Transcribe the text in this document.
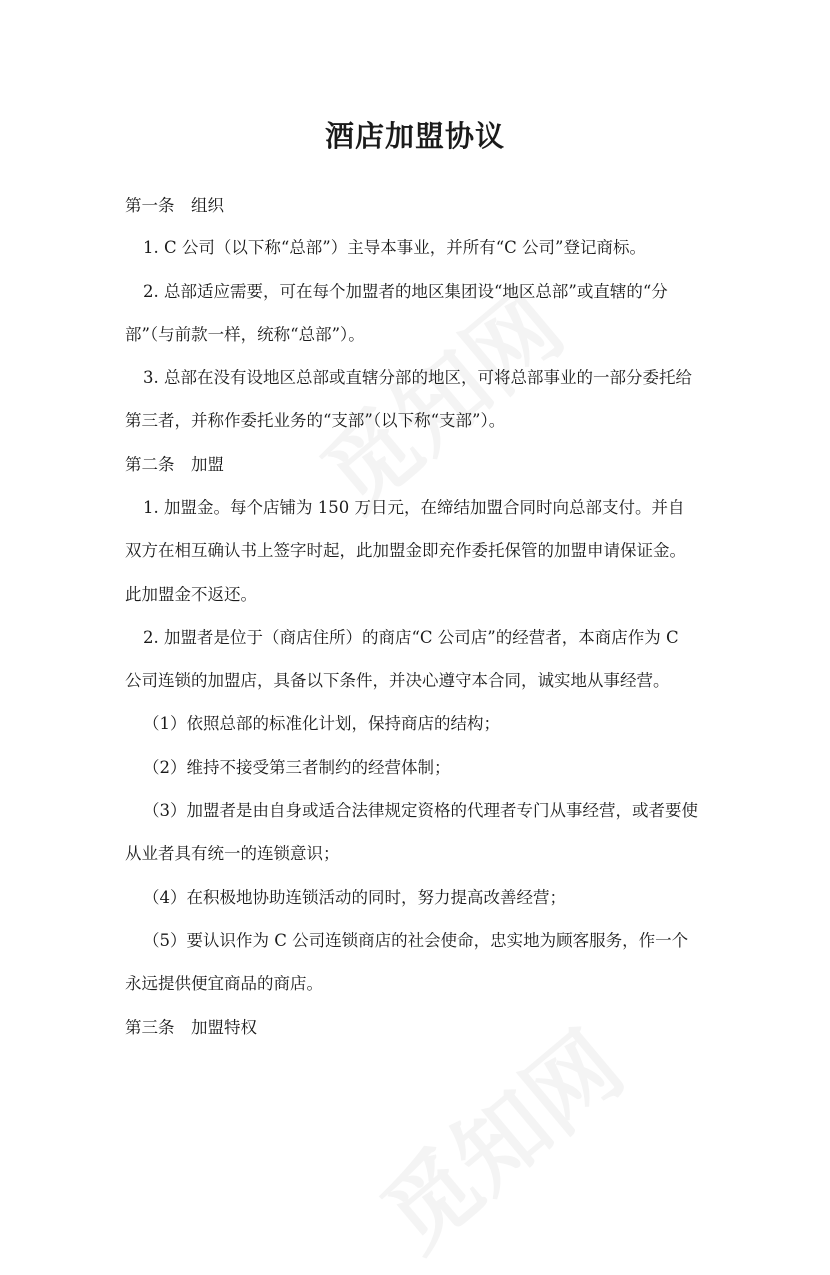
酒店加盟协议
第一条　组织
1. C 公司（以下称“总部”）主导本事业，并所有“C 公司”登记商标。
2. 总部适应需要，可在每个加盟者的地区集团设“地区总部”或直辖的“分
部”（与前款一样，统称“总部”）。
3. 总部在没有设地区总部或直辖分部的地区，可将总部事业的一部分委托给
第三者，并称作委托业务的“支部”（以下称“支部”）。
第二条　加盟
1. 加盟金。每个店铺为 150 万日元，在缔结加盟合同时向总部支付。并自
双方在相互确认书上签字时起，此加盟金即充作委托保管的加盟申请保证金。
此加盟金不返还。
2. 加盟者是位于（商店住所）的商店“C 公司店”的经营者，本商店作为 C
公司连锁的加盟店，具备以下条件，并决心遵守本合同，诚实地从事经营。
（1）依照总部的标准化计划，保持商店的结构；
（2）维持不接受第三者制约的经营体制；
（3）加盟者是由自身或适合法律规定资格的代理者专门从事经营，或者要使
从业者具有统一的连锁意识；
（4）在积极地协助连锁活动的同时，努力提高改善经营；
（5）要认识作为 C 公司连锁商店的社会使命，忠实地为顾客服务，作一个
永远提供便宜商品的商店。
第三条　加盟特权
